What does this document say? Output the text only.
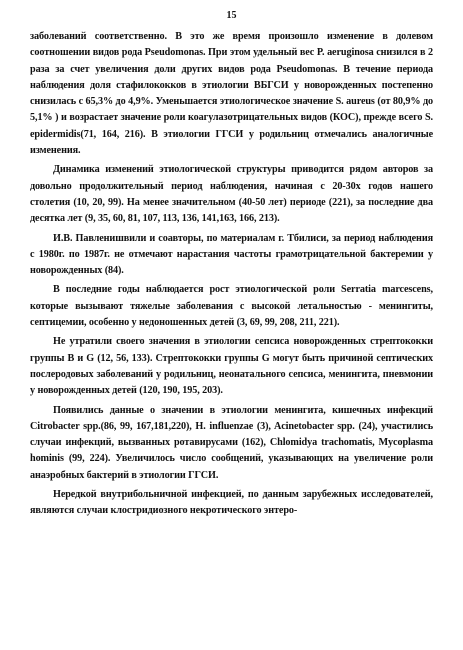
15

заболеваний соответственно. В это же время произошло изменение в долевом соотношении видов рода Pseudomonas. При этом удельный вес P. aeruginosa снизился в 2 раза за счет увеличения доли других видов рода Pseudomonas. В течение периода наблюдения доля стафилококков в этиологии ВБГСИ у новорожденных постепенно снизилась с 65,3% до 4,9%. Уменьшается этиологическое значение S. aureus (от 80,9% до 5,1% ) и возрастает значение роли коагулазотрицательных видов (КОС), прежде всего S. epidermidis(71, 164, 216). В этиологии ГГСИ у родильниц отмечались аналогичные изменения.

Динамика изменений этиологической структуры приводится рядом авторов за довольно продолжительный период наблюдения, начиная с 20-30х годов нашего столетия (10, 20, 99). На менее значительном (40-50 лет) периоде (221), за последние два десятка лет (9, 35, 60, 81, 107, 113, 136, 141,163, 166, 213).

И.В. Павленишвили и соавторы, по материалам г. Тбилиси, за период наблюдения с 1980г. по 1987г. не отмечают нарастания частоты грамотрицательной бактеремии у новорожденных (84).

В последние годы наблюдается рост этиологической роли Serratia marcescens, которые вызывают тяжелые заболевания с высокой летальностью - менингиты, септицемии, особенно у недоношенных детей (3, 69, 99, 208, 211, 221).

Не утратили своего значения в этиологии сепсиса новорожденных стрептококки группы В и G (12, 56, 133). Стрептококки группы G могут быть причиной септических послеродовых заболеваний у родильниц, неонатального сепсиса, менингита, пневмонии у новорожденных детей (120, 190, 195, 203).

Появились данные о значении в этиологии менингита, кишечных инфекций Citrobacter spp.(86, 99, 167,181,220), H. influenzae (3), Acinetobacter spp. (24), участились случаи инфекций, вызванных ротавирусами (162), Chlomidya trachomatis, Mycoplasma hominis (99, 224). Увеличилось число сообщений, указывающих на увеличение роли анаэробных бактерий в этиологии ГГСИ.

Нередкой внутрибольничной инфекцией, по данным зарубежных исследователей, являются случаи клостридиозного некротического энтеро-
